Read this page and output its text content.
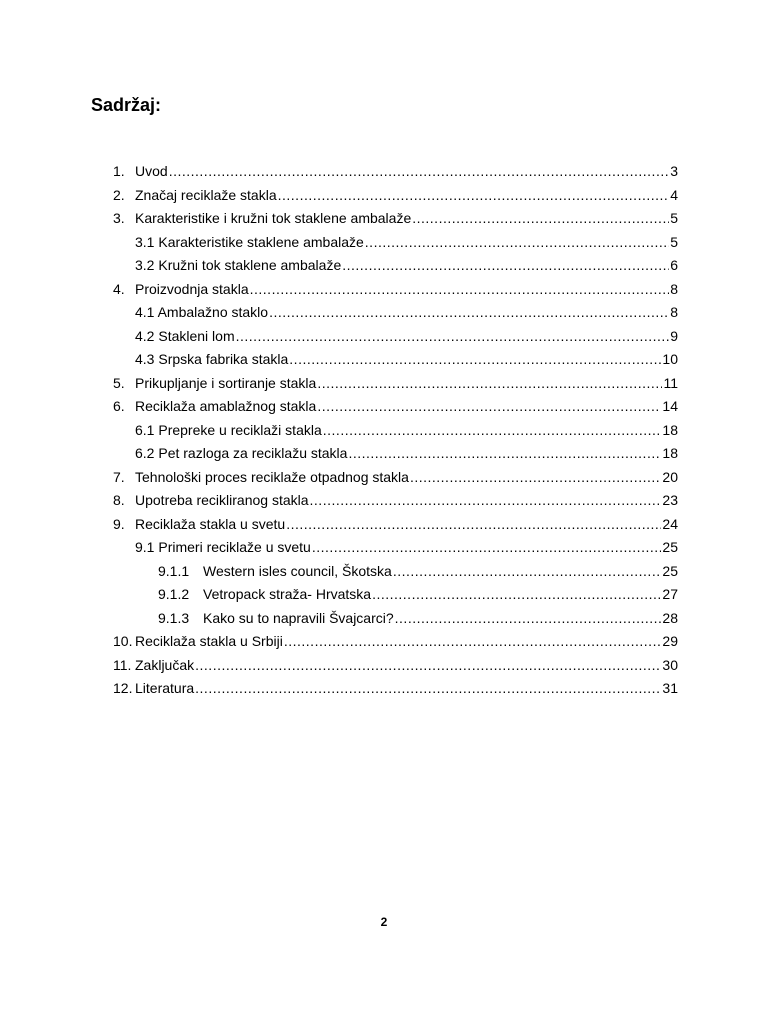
Sadržaj:
1. Uvod .....	3
2. Značaj reciklaže stakla .....	4
3. Karakteristike i kružni tok staklene ambalaže .....	5
3.1 Karakteristike staklene ambalaže .....	5
3.2 Kružni tok staklene ambalaže .....	6
4. Proizvodnja stakla .....	8
4.1 Ambalažno staklo .....	8
4.2 Stakleni lom .....	9
4.3 Srpska fabrika stakla .....	10
5. Prikupljanje i sortiranje stakla .....	11
6. Reciklaža amablažnog stakla .....	14
6.1 Prepreke u reciklaži stakla .....	18
6.2 Pet razloga za reciklažu stakla .....	18
7. Tehnološki proces reciklaže otpadnog stakla .....	20
8. Upotreba recikliranog stakla .....	23
9. Reciklaža stakla u svetu .....	24
9.1 Primeri reciklaže u svetu .....	25
9.1.1 Western isles council, Škotska .....	25
9.1.2 Vetropack straža- Hrvatska .....	27
9.1.3 Kako su to napravili Švajcarci? .....	28
10. Reciklaža stakla u Srbiji .....	29
11. Zaključak .....	30
12. Literatura .....	31
2
